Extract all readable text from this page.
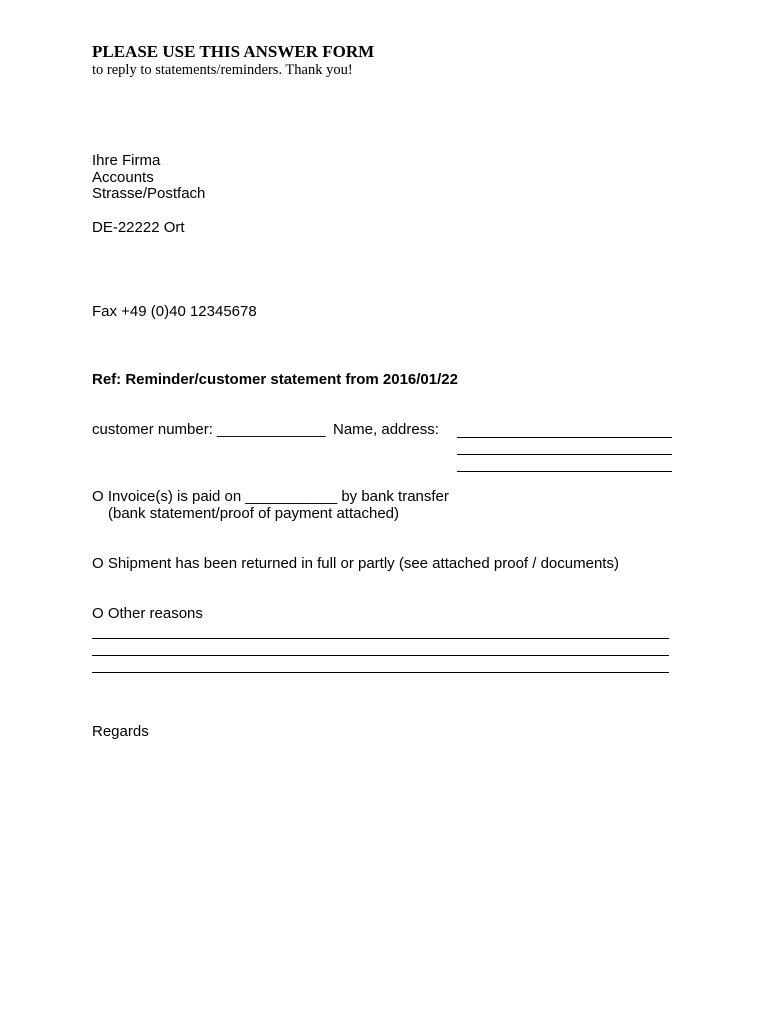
PLEASE USE THIS ANSWER FORM
to reply to statements/reminders. Thank you!
Ihre Firma
Accounts
Strasse/Postfach
DE-22222 Ort
Fax +49 (0)40 12345678
Ref: Reminder/customer statement from 2016/01/22
customer number: _____________ Name, address:
O Invoice(s) is paid on ___________ by bank transfer
(bank statement/proof of payment attached)
O Shipment has been returned in full or partly (see attached proof / documents)
O Other reasons
Regards
